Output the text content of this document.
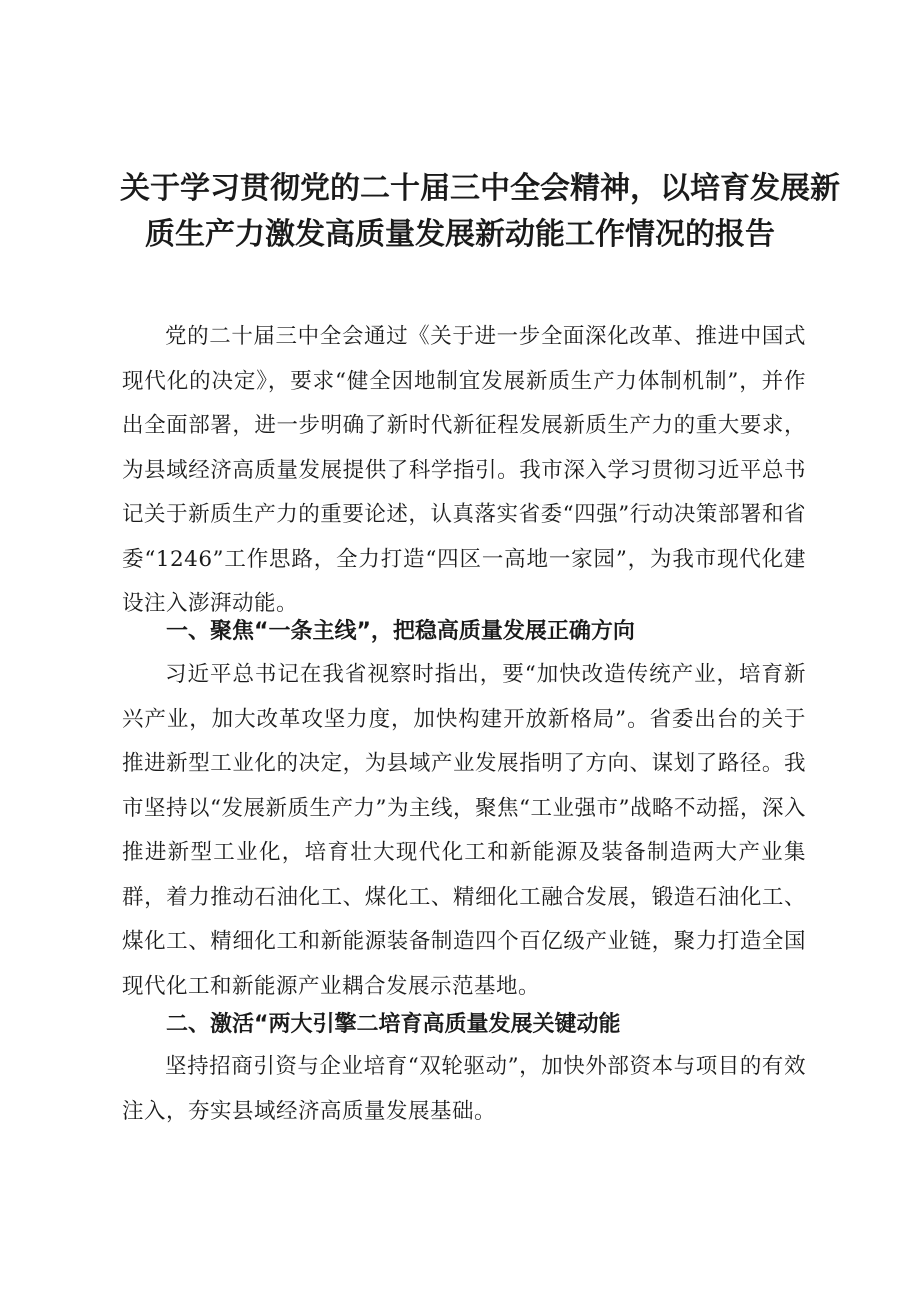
关于学习贯彻党的二十届三中全会精神，以培育发展新
质生产力激发高质量发展新动能工作情况的报告

党的二十届三中全会通过《关于进一步全面深化改革、推进中国式现代化的决定》，要求“健全因地制宜发展新质生产力体制机制”，并作出全面部署，进一步明确了新时代新征程发展新质生产力的重大要求，为县域经济高质量发展提供了科学指引。我市深入学习贯彻习近平总书记关于新质生产力的重要论述，认真落实省委“四强”行动决策部署和省委“1246”工作思路，全力打造“四区一高地一家园”，为我市现代化建设注入澎湃动能。

一、聚焦“一条主线”，把稳高质量发展正确方向

习近平总书记在我省视察时指出，要“加快改造传统产业，培育新兴产业，加大改革攻坚力度，加快构建开放新格局”。省委出台的关于推进新型工业化的决定，为县域产业发展指明了方向、谋划了路径。我市坚持以“发展新质生产力”为主线，聚焦“工业强市”战略不动摇，深入推进新型工业化，培育壮大现代化工和新能源及装备制造两大产业集群，着力推动石油化工、煤化工、精细化工融合发展，锻造石油化工、煤化工、精细化工和新能源装备制造四个百亿级产业链，聚力打造全国现代化工和新能源产业耦合发展示范基地。

二、激活“两大引擎二培育高质量发展关键动能

坚持招商引资与企业培育“双轮驱动”，加快外部资本与项目的有效注入，夯实县域经济高质量发展基础。
